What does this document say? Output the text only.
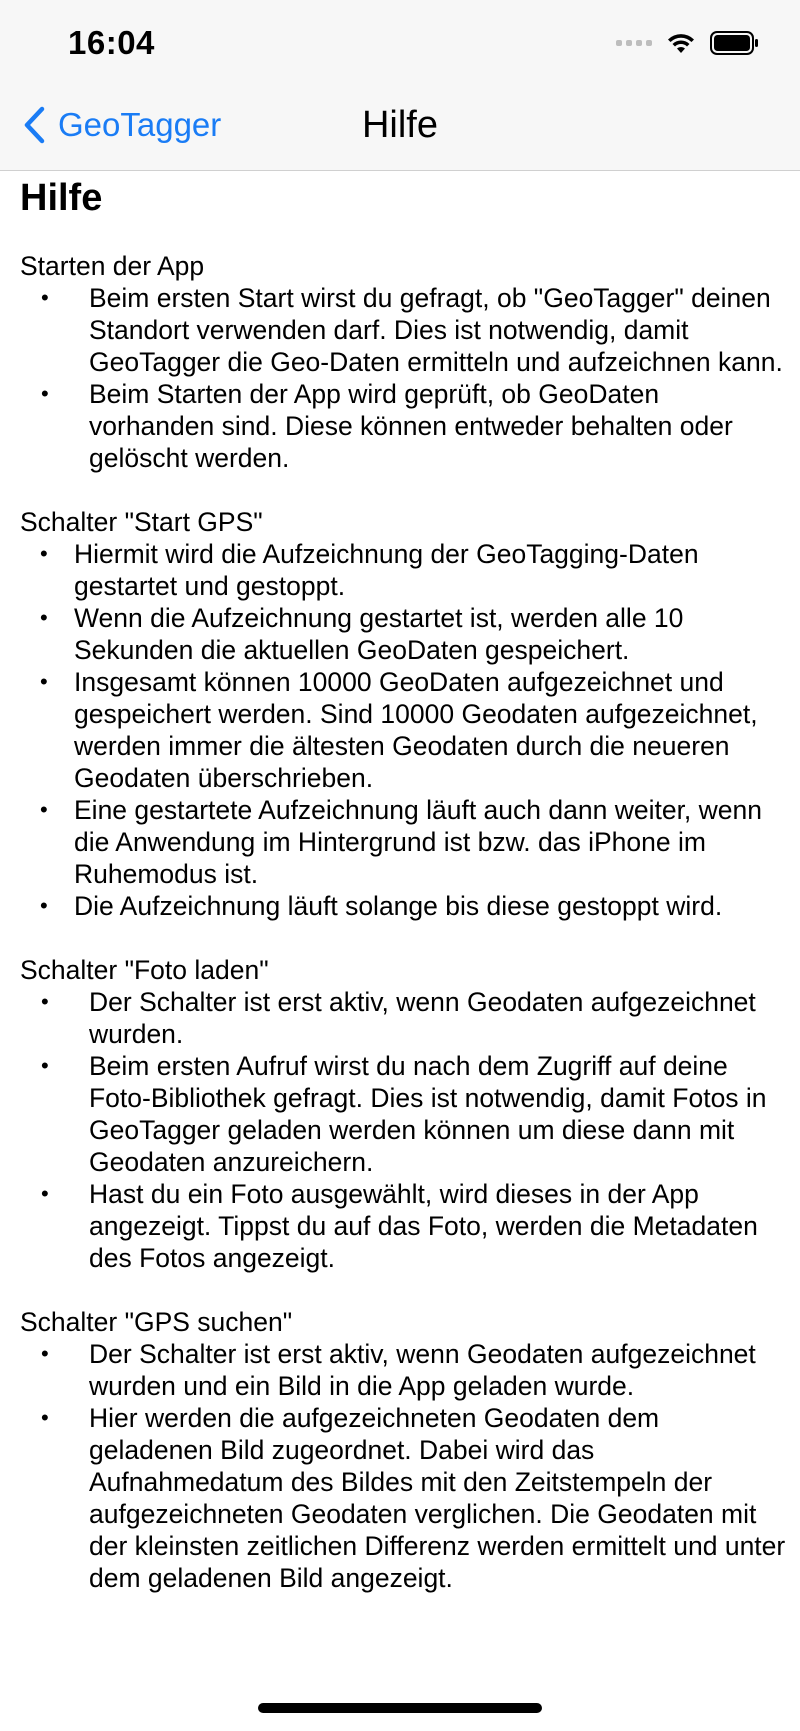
16:04
GeoTagger	Hilfe
Hilfe

Starten der App

• Beim ersten Start wirst du gefragt, ob "GeoTagger" deinen Standort verwenden darf. Dies ist notwendig, damit GeoTagger die Geo-Daten ermitteln und aufzeichnen kann.
• Beim Starten der App wird geprüft, ob GeoDaten vorhanden sind. Diese können entweder behalten oder gelöscht werden.

Schalter "Start GPS"

• Hiermit wird die Aufzeichnung der GeoTagging-Daten gestartet und gestoppt.
• Wenn die Aufzeichnung gestartet ist, werden alle 10 Sekunden die aktuellen GeoDaten gespeichert.
• Insgesamt können 10000 GeoDaten aufgezeichnet und gespeichert werden. Sind 10000 Geodaten aufgezeichnet, werden immer die ältesten Geodaten durch die neueren Geodaten überschrieben.
• Eine gestartete Aufzeichnung läuft auch dann weiter, wenn die Anwendung im Hintergrund ist bzw. das iPhone im Ruhemodus ist.
• Die Aufzeichnung läuft solange bis diese gestoppt wird.

Schalter "Foto laden"

• Der Schalter ist erst aktiv, wenn Geodaten aufgezeichnet wurden.
• Beim ersten Aufruf wirst du nach dem Zugriff auf deine Foto-Bibliothek gefragt. Dies ist notwendig, damit Fotos in GeoTagger geladen werden können um diese dann mit Geodaten anzureichern.
• Hast du ein Foto ausgewählt, wird dieses in der App angezeigt. Tippst du auf das Foto, werden die Metadaten des Fotos angezeigt.

Schalter "GPS suchen"

• Der Schalter ist erst aktiv, wenn Geodaten aufgezeichnet wurden und ein Bild in die App geladen wurde.
• Hier werden die aufgezeichneten Geodaten dem geladenen Bild zugeordnet. Dabei wird das Aufnahmedatum des Bildes mit den Zeitstempeln der aufgezeichneten Geodaten verglichen. Die Geodaten mit der kleinsten zeitlichen Differenz werden ermittelt und unter dem geladenen Bild angezeigt.
